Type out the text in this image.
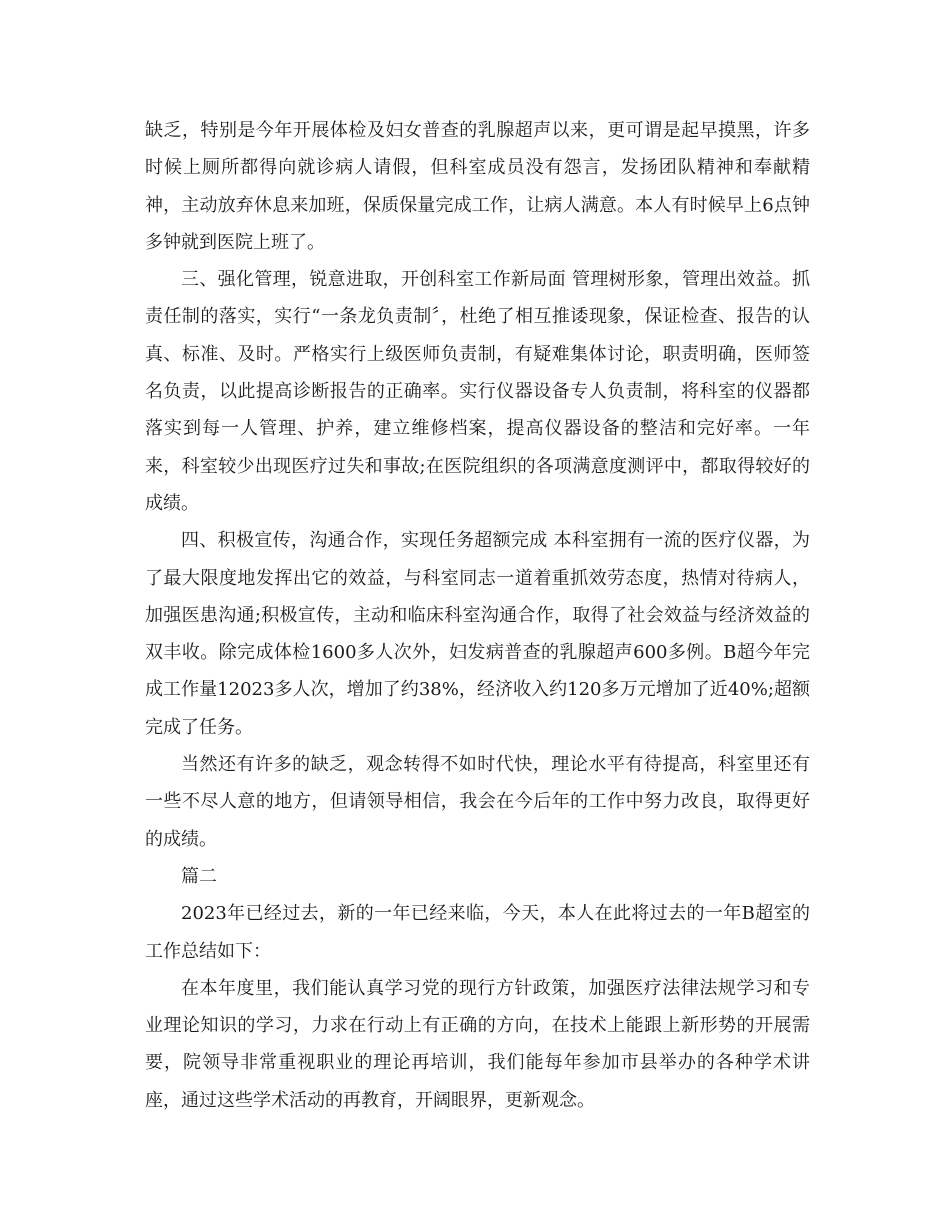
缺乏，特别是今年开展体检及妇女普查的乳腺超声以来，更可谓是起早摸黑，许多时候上厕所都得向就诊病人请假，但科室成员没有怨言，发扬团队精神和奉献精神，主动放弃休息来加班，保质保量完成工作，让病人满意。本人有时候早上6点钟多钟就到医院上班了。

三、强化管理，锐意进取，开创科室工作新局面 管理树形象，管理出效益。抓责任制的落实，实行“一条龙负责制〞，杜绝了相互推诿现象，保证检查、报告的认真、标准、及时。严格实行上级医师负责制，有疑难集体讨论，职责明确，医师签名负责，以此提高诊断报告的正确率。实行仪器设备专人负责制，将科室的仪器都落实到每一人管理、护养，建立维修档案，提高仪器设备的整洁和完好率。一年来，科室较少出现医疗过失和事故;在医院组织的各项满意度测评中，都取得较好的成绩。

四、积极宣传，沟通合作，实现任务超额完成 本科室拥有一流的医疗仪器，为了最大限度地发挥出它的效益，与科室同志一道着重抓效劳态度，热情对待病人，加强医患沟通;积极宣传，主动和临床科室沟通合作，取得了社会效益与经济效益的双丰收。除完成体检1600多人次外，妇发病普查的乳腺超声600多例。B超今年完成工作量12023多人次，增加了约38%，经济收入约120多万元增加了近40%;超额完成了任务。

当然还有许多的缺乏，观念转得不如时代快，理论水平有待提高，科室里还有一些不尽人意的地方，但请领导相信，我会在今后年的工作中努力改良，取得更好的成绩。

篇二

2023年已经过去，新的一年已经来临，今天，本人在此将过去的一年B超室的工作总结如下：

在本年度里，我们能认真学习党的现行方针政策，加强医疗法律法规学习和专业理论知识的学习，力求在行动上有正确的方向，在技术上能跟上新形势的开展需要，院领导非常重视职业的理论再培训，我们能每年参加市县举办的各种学术讲座，通过这些学术活动的再教育，开阔眼界，更新观念。
